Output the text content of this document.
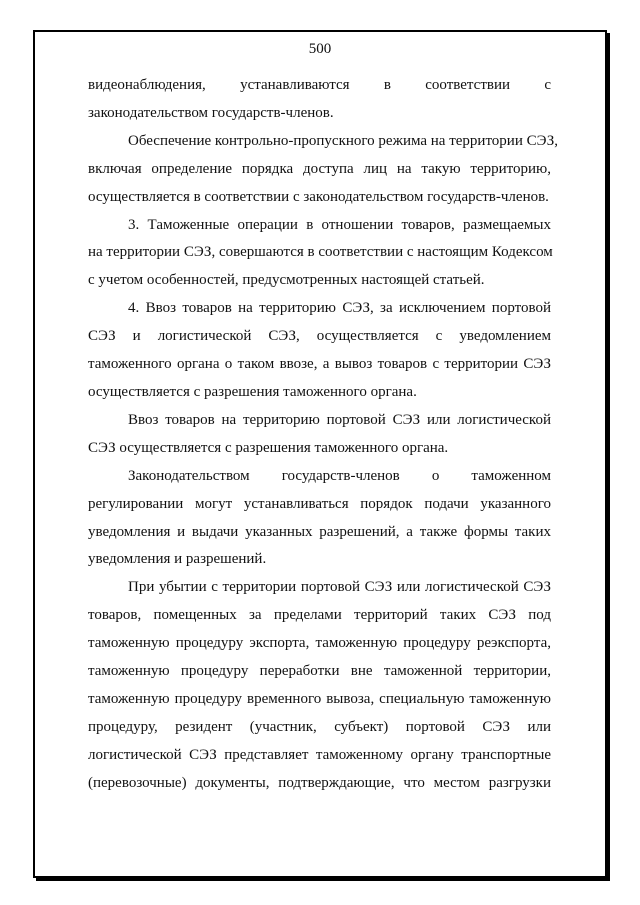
500

видеонаблюдения, устанавливаются в соответствии с
законодательством государств-членов.

Обеспечение контрольно-пропускного режима на территории СЭЗ,
включая определение порядка доступа лиц на такую территорию,
осуществляется в соответствии с законодательством государств-членов.

3. Таможенные операции в отношении товаров, размещаемых
на территории СЭЗ, совершаются в соответствии с настоящим Кодексом
с учетом особенностей, предусмотренных настоящей статьей.

4. Ввоз товаров на территорию СЭЗ, за исключением портовой
СЭЗ и логистической СЭЗ, осуществляется с уведомлением
таможенного органа о таком ввозе, а вывоз товаров с территории СЭЗ
осуществляется с разрешения таможенного органа.

Ввоз товаров на территорию портовой СЭЗ или логистической
СЭЗ осуществляется с разрешения таможенного органа.

Законодательством государств-членов о таможенном
регулировании могут устанавливаться порядок подачи указанного
уведомления и выдачи указанных разрешений, а также формы таких
уведомления и разрешений.

При убытии с территории портовой СЭЗ или логистической СЭЗ
товаров, помещенных за пределами территорий таких СЭЗ под
таможенную процедуру экспорта, таможенную процедуру реэкспорта,
таможенную процедуру переработки вне таможенной территории,
таможенную процедуру временного вывоза, специальную таможенную
процедуру, резидент (участник, субъект) портовой СЭЗ или
логистической СЭЗ представляет таможенному органу транспортные
(перевозочные) документы, подтверждающие, что местом разгрузки
